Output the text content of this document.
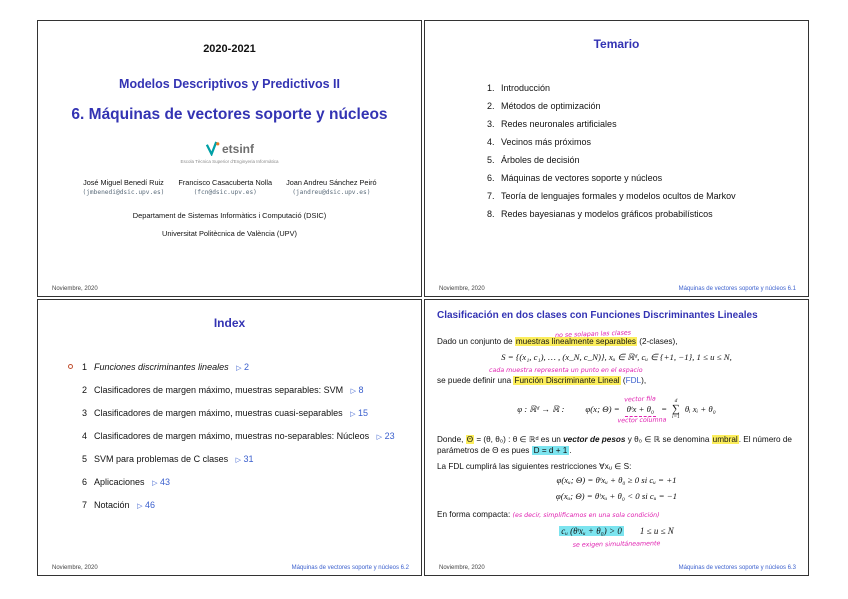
2020-2021
Modelos Descriptivos y Predictivos II
6. Máquinas de vectores soporte y núcleos
etsinf
Escola Tècnica Superior d'Enginyeria Informàtica
José Miguel Benedí Ruiz
(jmbenedi@dsic.upv.es)
Francisco Casacuberta Nolla
(fcn@dsic.upv.es)
Joan Andreu Sánchez Peiró
(jandreu@dsic.upv.es)
Departament de Sistemas Informàtics i Computació (DSIC)
Universitat Politècnica de València (UPV)
Noviembre, 2020
Temario
1. Introducción
2. Métodos de optimización
3. Redes neuronales artificiales
4. Vecinos más próximos
5. Árboles de decisión
6. Máquinas de vectores soporte y núcleos
7. Teoría de lenguajes formales y modelos ocultos de Markov
8. Redes bayesianas y modelos gráficos probabilísticos
Noviembre, 2020	Máquinas de vectores soporte y núcleos 6.1
Index
1 Funciones discriminantes lineales ▷ 2
2 Clasificadores de margen máximo, muestras separables: SVM ▷ 8
3 Clasificadores de margen máximo, muestras cuasi-separables ▷ 15
4 Clasificadores de margen máximo, muestras no-separables: Núcleos ▷ 23
5 SVM para problemas de C clases ▷ 31
6 Aplicaciones ▷ 43
7 Notación ▷ 46
Noviembre, 2020	Máquinas de vectores soporte y núcleos 6.2
Clasificación en dos clases con Funciones Discriminantes Lineales
no se solapan las clases

Dado un conjunto de muestras linealmente separables (2-clases),

S = {(x₁, c₁), … , (x_N, c_N)}, xᵤ ∈ ℝᵈ, cᵤ ∈ {+1, −1}, 1 ≤ u ≤ N,
cada muestra representa un punto en el espacio

se puede definir una Función Discriminante Lineal (FDL),

φ : ℝᵈ → ℝ : φ(x; Θ) =
vector fila
θᵗx + θ₀
vector columna
=
d
∑
i=1
θᵢ xᵢ + θ₀

Donde, Θ = (θ, θ₀) : θ ∈ ℝᵈ es un vector de pesos y θ₀ ∈ ℝ se denomina umbral. El número de parámetros de Θ es pues D = d + 1 .

La FDL cumplirá las siguientes restricciones ∀xᵤ ∈ S:

φ(xᵤ; Θ) = θᵗxᵤ + θ₀ ≥ 0 si cᵤ = +1
φ(xᵤ; Θ) = θᵗxᵤ + θ₀ < 0 si cᵤ = −1

En forma compacta: (es decir, simplificamos en una sola condición)

cᵤ (θᵗxᵤ + θ₀) > 0 1 ≤ u ≤ N
se exigen simultáneamente
Noviembre, 2020	Máquinas de vectores soporte y núcleos 6.3
